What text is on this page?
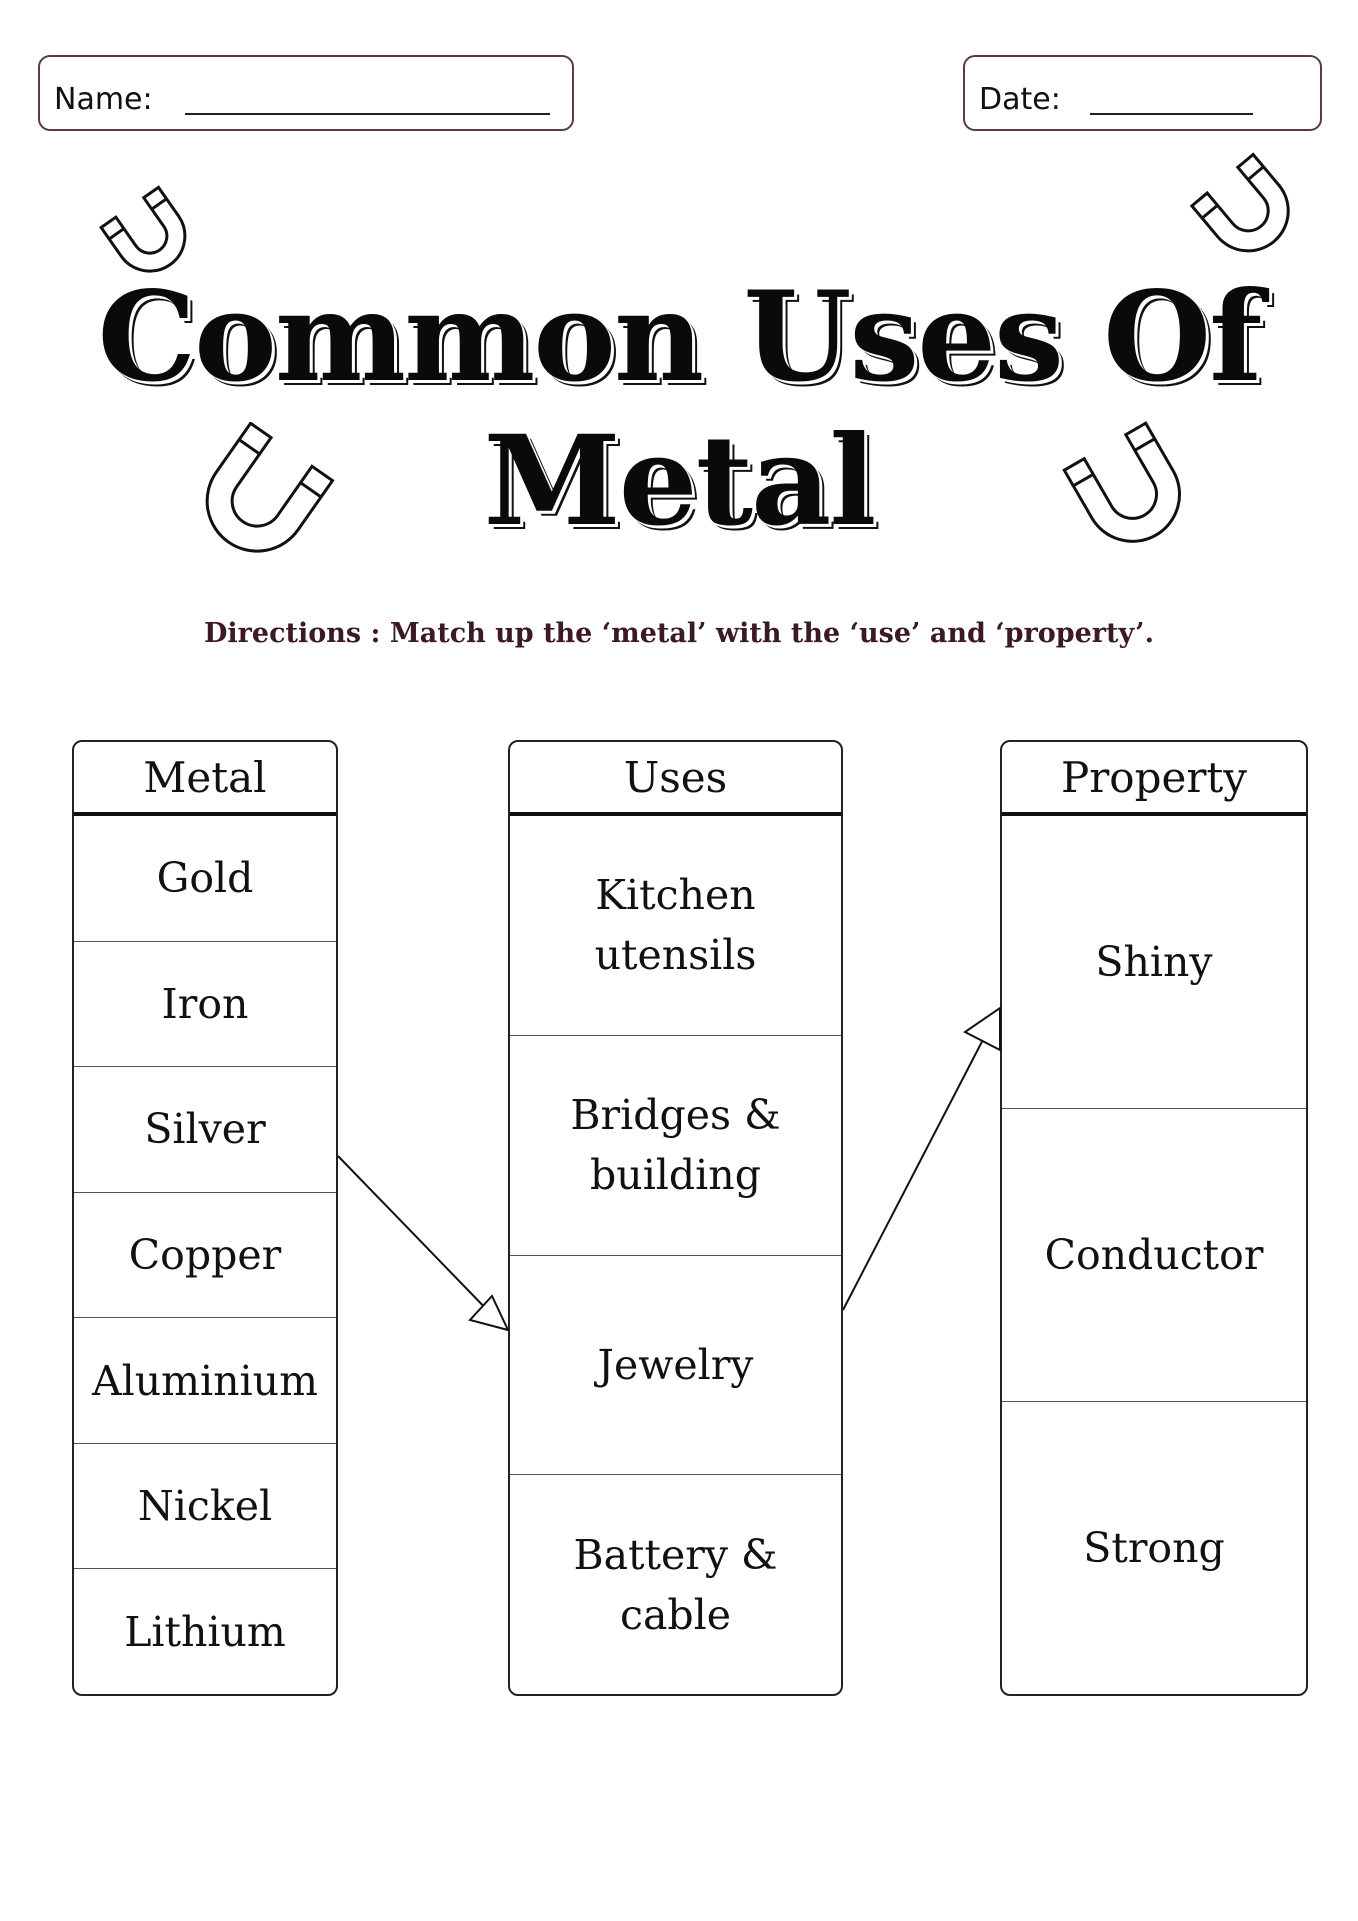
Name:	Date:
Common Uses Of
Metal
Directions : Match up the ‘metal’ with the ‘use’ and ‘property’.
Metal
Gold
Iron
Silver
Copper
Aluminium
Nickel
Lithium
Uses
Kitchen utensils
Bridges & building
Jewelry
Battery & cable
Property
Shiny
Conductor
Strong
